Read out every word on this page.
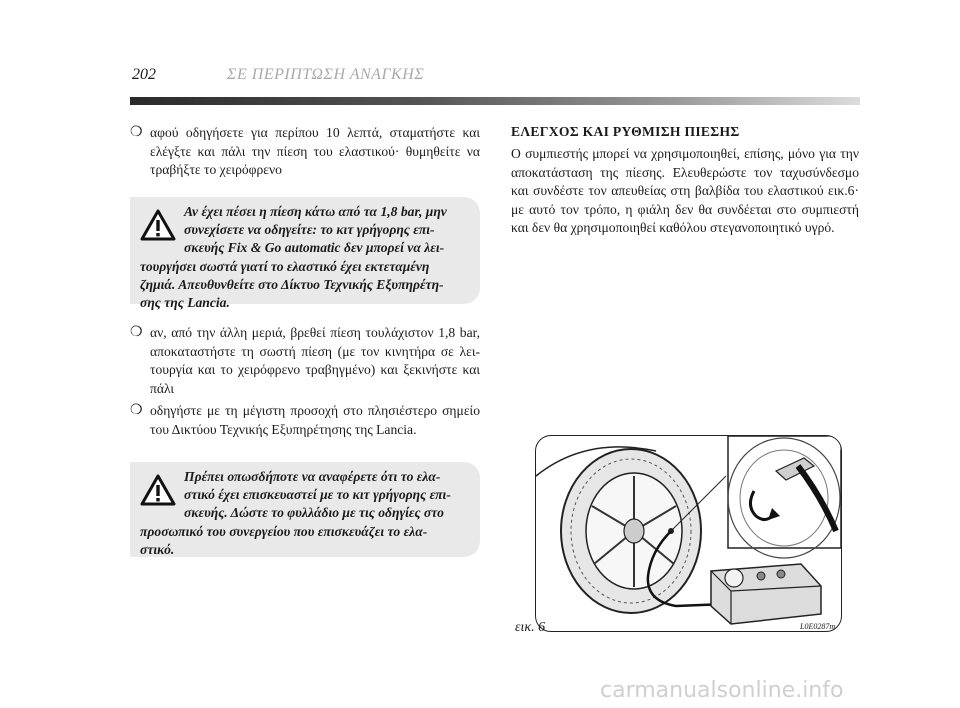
202	ΣΕ ΠΕΡΙΠΤΩΣΗ ΑΝΑΓΚΗΣ
❍ αφού οδηγήσετε για περίπου 10 λεπτά, σταματήστε και ελέγξτε και πάλι την πίεση του ελαστικού· θυμηθείτε να τραβήξτε το χειρόφρενο

Αν έχει πέσει η πίεση κάτω από τα 1,8 bar, μην
συνεχίσετε να οδηγείτε: το κιτ γρήγορης επι-
σκευής Fix & Go automatic δεν μπορεί να λει-
τουργήσει σωστά γιατί το ελαστικό έχει εκτεταμένη
ζημιά. Απευθυνθείτε στο Δίκτυο Τεχνικής Εξυπηρέτη-
σης της Lancia.
❍ αν, από την άλλη μεριά, βρεθεί πίεση τουλάχιστον 1,8 bar, αποκαταστήστε τη σωστή πίεση (με τον κινητήρα σε λει- τουργία και το χειρόφρενο τραβηγμένο) και ξεκινήστε και πάλι

❍ οδηγήστε με τη μέγιστη προσοχή στο πλησιέστερο σημείο του Δικτύου Τεχνικής Εξυπηρέτησης της Lancia.

Πρέπει οπωσδήποτε να αναφέρετε ότι το ελα-
στικό έχει επισκευαστεί με το κιτ γρήγορης επι-
σκευής. Δώστε το φυλλάδιο με τις οδηγίες στο
προσωπικό του συνεργείου που επισκευάζει το ελα-
στικό.
ΕΛΕΓΧΟΣ ΚΑΙ ΡΥΘΜΙΣΗ ΠΙΕΣΗΣ
Ο συμπιεστής μπορεί να χρησιμοποιηθεί, επίσης, μόνο για την αποκατάσταση της πίεσης. Ελευθερώστε τον ταχυσύνδεσμο και συνδέστε τον απευθείας στη βαλβίδα του ελαστικού εικ.6· με αυτό τον τρόπο, η φιάλη δεν θα συνδέεται στο συμπιεστή και δεν θα χρησιμοποιηθεί καθόλου στεγανοποιητικό υγρό.
εικ. 6	L0E0287m
carmanualsonline.info
